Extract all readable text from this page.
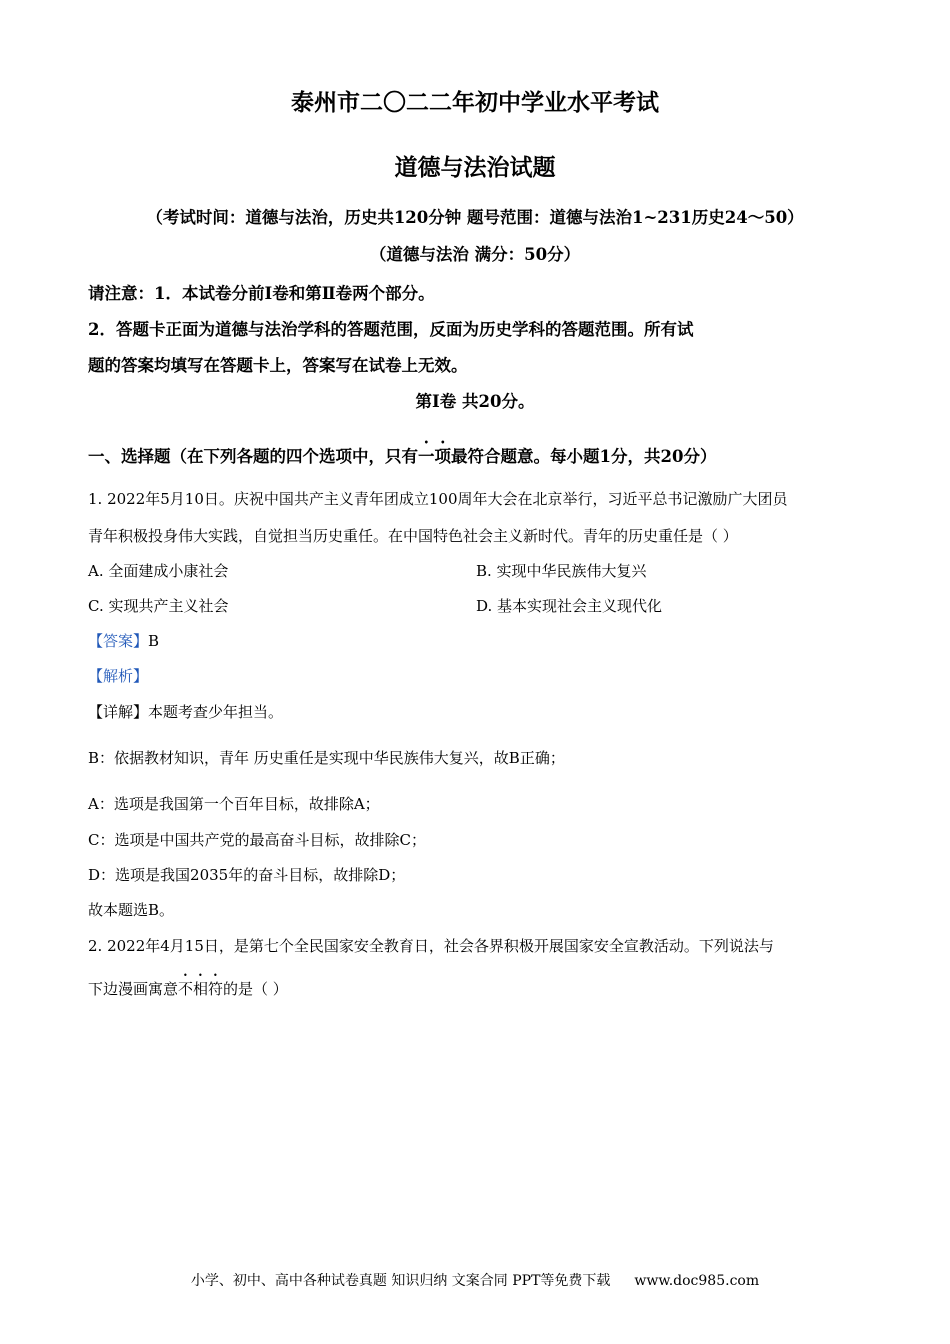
泰州市二〇二二年初中学业水平考试
道德与法治试题
（考试时间：道德与法治，历史共120分钟 题号范围：道德与法治1~231历史24～50）
（道德与法治 满分：50分）
请注意：1．本试卷分前Ⅰ卷和第Ⅱ卷两个部分。
2．答题卡正面为道德与法治学科的答题范围，反面为历史学科的答题范围。所有试
题的答案均填写在答题卡上，答案写在试卷上无效。
第Ⅰ卷 共20分。
一、选择题（在下列各题的四个选项中，只有一项最符合题意。每小题1分，共20分）
1. 2022年5月10日。庆祝中国共产主义青年团成立100周年大会在北京举行，习近平总书记激励广大团员
青年积极投身伟大实践，自觉担当历史重任。在中国特色社会主义新时代。青年的历史重任是（ ）
A. 全面建成小康社会	B. 实现中华民族伟大复兴
C. 实现共产主义社会	D. 基本实现社会主义现代化
【答案】B
【解析】
【详解】本题考查少年担当。
B：依据教材知识，青年 历史重任是实现中华民族伟大复兴，故B正确；
A：选项是我国第一个百年目标，故排除A；
C：选项是中国共产党的最高奋斗目标，故排除C；
D：选项是我国2035年的奋斗目标，故排除D；
故本题选B。
2. 2022年4月15日，是第七个全民国家安全教育日，社会各界积极开展国家安全宣教活动。下列说法与
下边漫画寓意不相符的是（ ）
小学、初中、高中各种试卷真题 知识归纳 文案合同 PPT等免费下载 www.doc985.com
